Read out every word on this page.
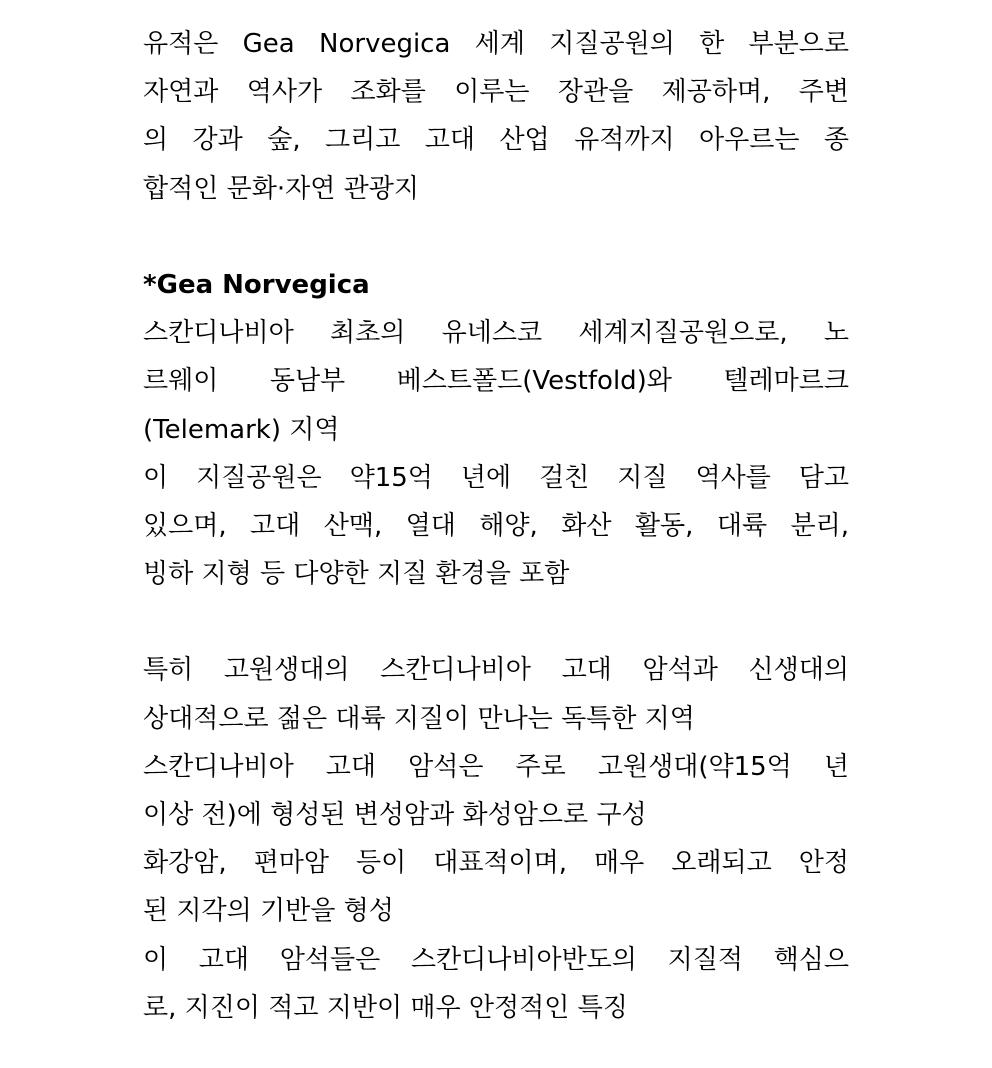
유적은 Gea Norvegica 세계 지질공원의 한 부분으로
자연과 역사가 조화를 이루는 장관을 제공하며, 주변
의 강과 숲, 그리고 고대 산업 유적까지 아우르는 종
합적인 문화·자연 관광지
*Gea Norvegica
스칸디나비아 최초의 유네스코 세계지질공원으로, 노
르웨이 동남부 베스트폴드(Vestfold)와 텔레마르크
(Telemark) 지역
이 지질공원은 약15억 년에 걸친 지질 역사를 담고
있으며, 고대 산맥, 열대 해양, 화산 활동, 대륙 분리,
빙하 지형 등 다양한 지질 환경을 포함
특히 고원생대의 스칸디나비아 고대 암석과 신생대의
상대적으로 젊은 대륙 지질이 만나는 독특한 지역
스칸디나비아 고대 암석은 주로 고원생대(약15억 년
이상 전)에 형성된 변성암과 화성암으로 구성
화강암, 편마암 등이 대표적이며, 매우 오래되고 안정
된 지각의 기반을 형성
이 고대 암석들은 스칸디나비아반도의 지질적 핵심으
로, 지진이 적고 지반이 매우 안정적인 특징
